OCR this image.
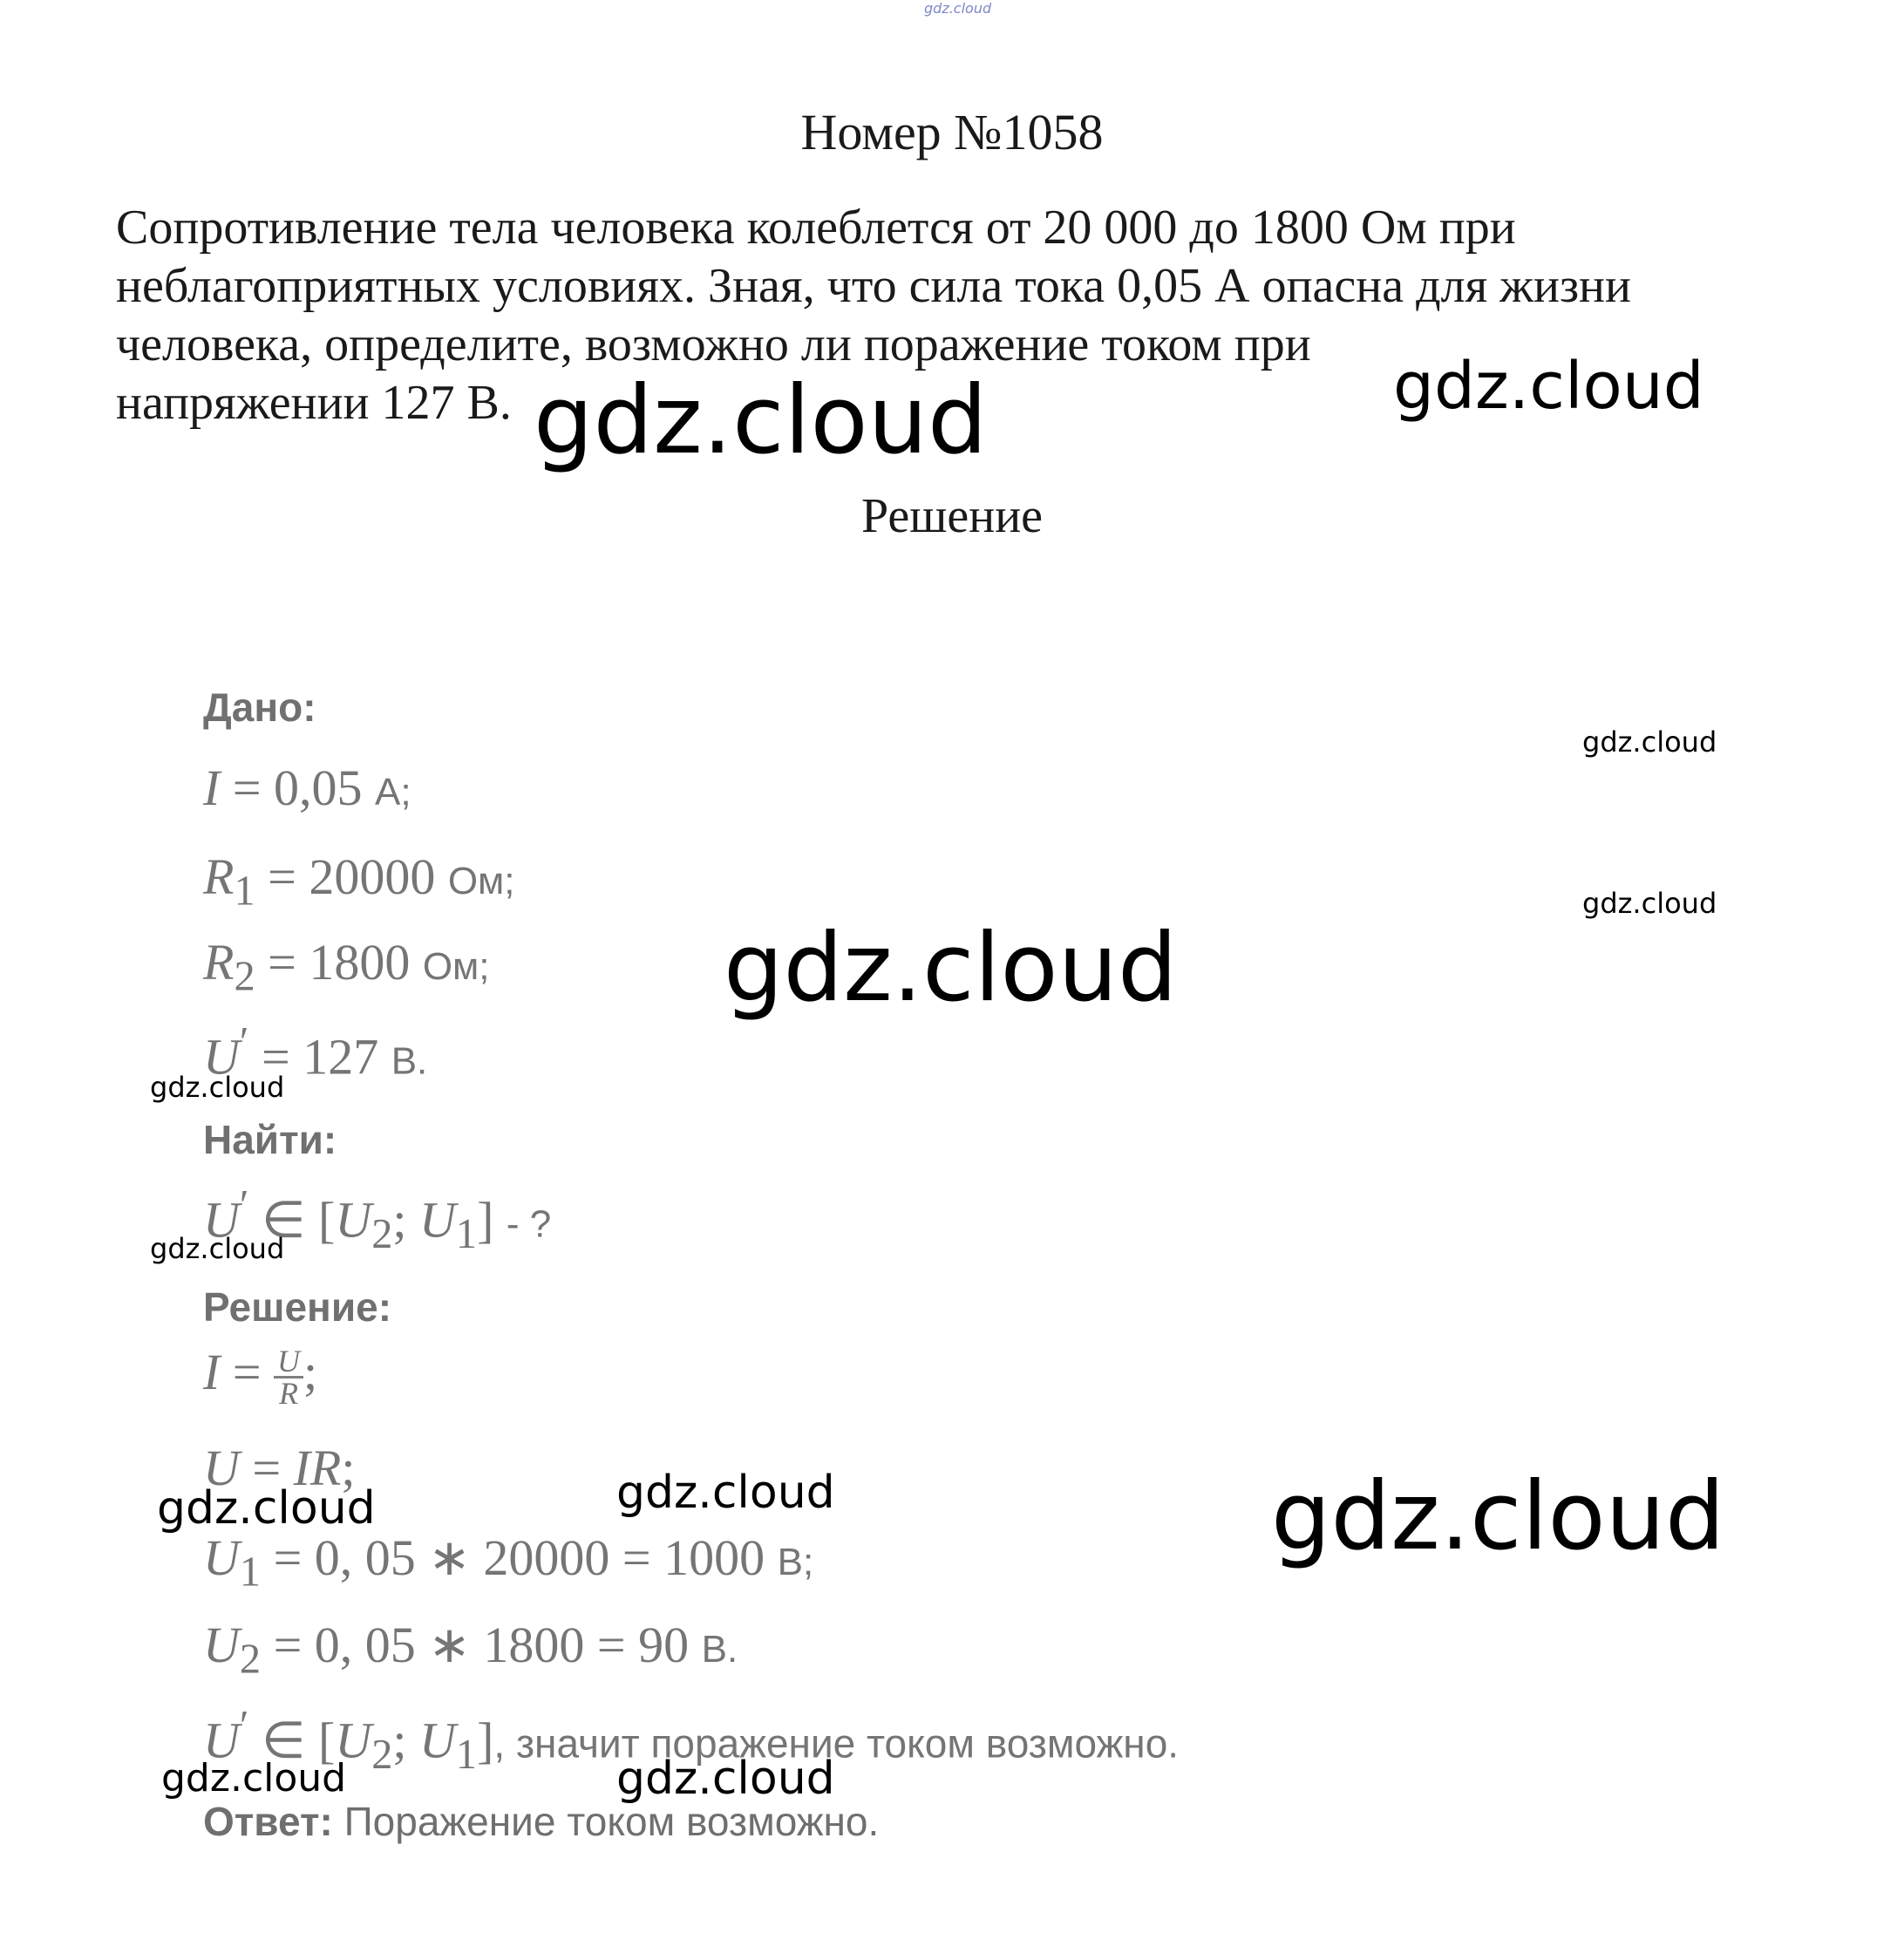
gdz.cloud
Номер №1058
Сопротивление тела человека колеблется от 20 000 до 1800 Ом при
неблагоприятных условиях. Зная, что сила тока 0,05 А опасна для жизни
человека, определите, возможно ли поражение током при
напряжении 127 В.
Решение
Дано:
I = 0,05 А;
$R_1 = 20000$ Ом;
$R_2 = 1800$ Ом;
U′ = 127 В.
Найти:
U′ ∈ [$U_2$; $U_1$] - ?
Решение:
$I = \frac{U}{R}$ ;
U = IR;
$U_1 = 0$, 05 ∗ 20000 = 1000 В;
$U_2 = 0$, 05 ∗ 1800 = 90 В.
U′ ∈ [$U_2$; $U_1$], значит поражение током возможно.
Ответ: Поражение током возможно.
gdz.cloud
gdz.cloud
gdz.cloud
gdz.cloud
gdz.cloud
gdz.cloud
gdz.cloud
gdz.cloud
gdz.cloud	gdz.cloud
gdz.cloud
gdz.cloud
